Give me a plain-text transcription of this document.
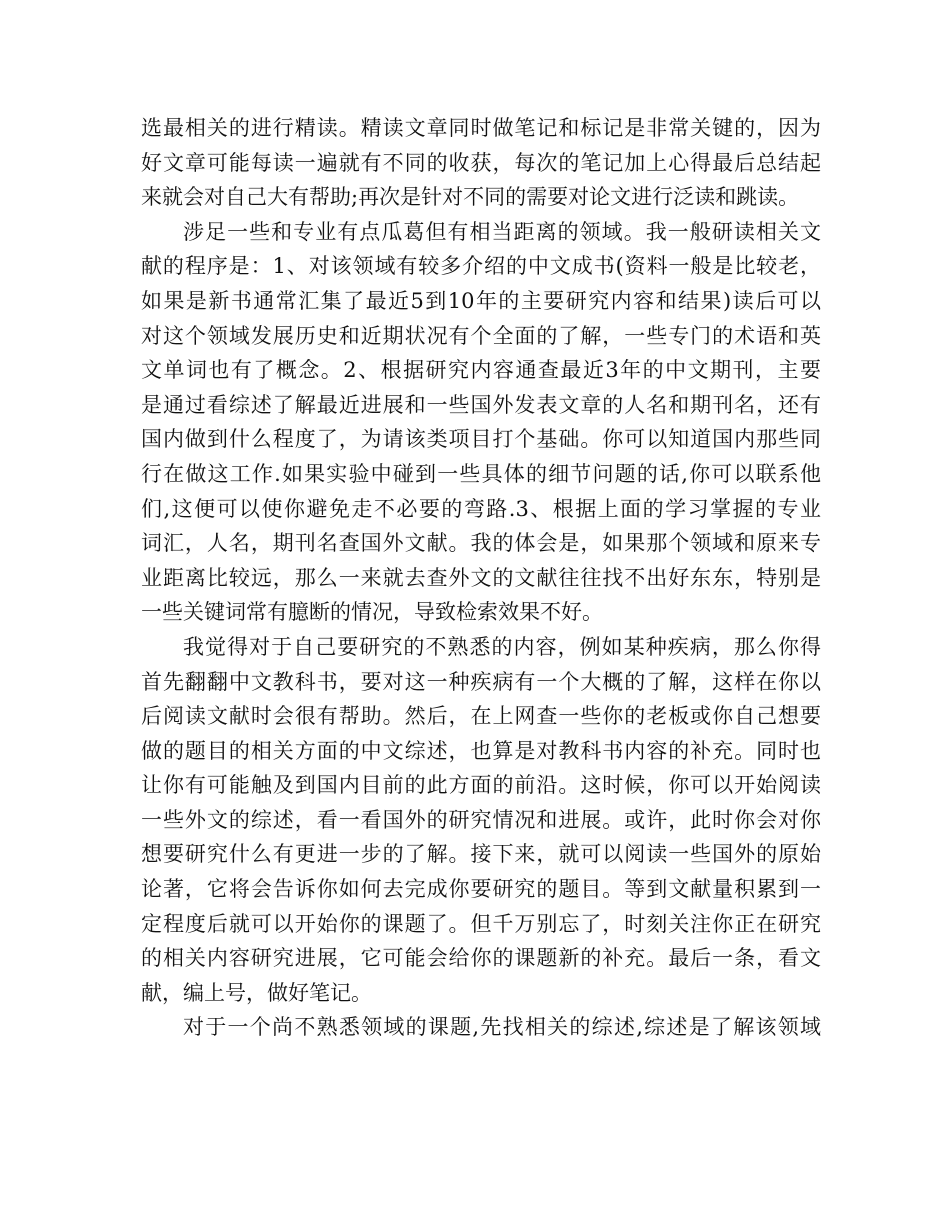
选最相关的进行精读。精读文章同时做笔记和标记是非常关键的，因为
好文章可能每读一遍就有不同的收获，每次的笔记加上心得最后总结起
来就会对自己大有帮助;再次是针对不同的需要对论文进行泛读和跳读。
涉足一些和专业有点瓜葛但有相当距离的领域。我一般研读相关文
献的程序是：1、对该领域有较多介绍的中文成书(资料一般是比较老，
如果是新书通常汇集了最近5到10年的主要研究内容和结果)读后可以
对这个领域发展历史和近期状况有个全面的了解，一些专门的术语和英
文单词也有了概念。2、根据研究内容通查最近3年的中文期刊，主要
是通过看综述了解最近进展和一些国外发表文章的人名和期刊名，还有
国内做到什么程度了，为请该类项目打个基础。你可以知道国内那些同
行在做这工作.如果实验中碰到一些具体的细节问题的话,你可以联系他
们,这便可以使你避免走不必要的弯路.3、根据上面的学习掌握的专业
词汇，人名，期刊名查国外文献。我的体会是，如果那个领域和原来专
业距离比较远，那么一来就去查外文的文献往往找不出好东东，特别是
一些关键词常有臆断的情况，导致检索效果不好。
我觉得对于自己要研究的不熟悉的内容，例如某种疾病，那么你得
首先翻翻中文教科书，要对这一种疾病有一个大概的了解，这样在你以
后阅读文献时会很有帮助。然后，在上网查一些你的老板或你自己想要
做的题目的相关方面的中文综述，也算是对教科书内容的补充。同时也
让你有可能触及到国内目前的此方面的前沿。这时候，你可以开始阅读
一些外文的综述，看一看国外的研究情况和进展。或许，此时你会对你
想要研究什么有更进一步的了解。接下来，就可以阅读一些国外的原始
论著，它将会告诉你如何去完成你要研究的题目。等到文献量积累到一
定程度后就可以开始你的课题了。但千万别忘了，时刻关注你正在研究
的相关内容研究进展，它可能会给你的课题新的补充。最后一条，看文
献，编上号，做好笔记。
对于一个尚不熟悉领域的课题,先找相关的综述,综述是了解该领域
